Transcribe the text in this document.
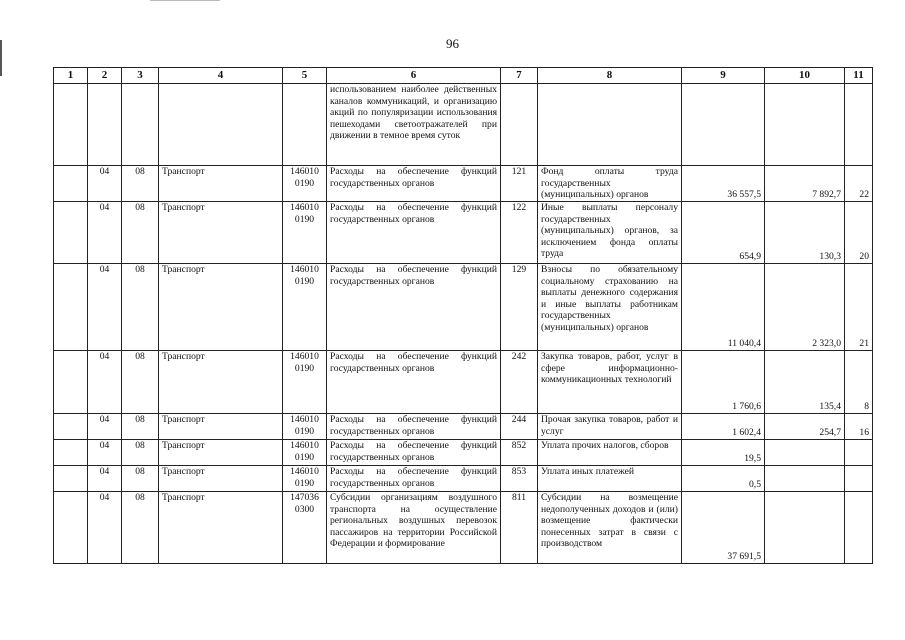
96
1	2	3	4	5	6	7	8	9	10	11
					использованием наиболее действенных каналов коммуникаций, и организацию акций по популяризации использования пешеходами светоотражателей при движении в темное время суток					
	04	08	Транспорт	146010 0190	Расходы на обеспечение функций государственных органов	121	Фонд оплаты труда государственных (муниципальных) органов	36 557,5	7 892,7	22
	04	08	Транспорт	146010 0190	Расходы на обеспечение функций государственных органов	122	Иные выплаты персоналу государственных (муниципальных) органов, за исключением фонда оплаты труда	654,9	130,3	20
	04	08	Транспорт	146010 0190	Расходы на обеспечение функций государственных органов	129	Взносы по обязательному социальному страхованию на выплаты денежного содержания и иные выплаты работникам государственных (муниципальных) органов	11 040,4	2 323,0	21
	04	08	Транспорт	146010 0190	Расходы на обеспечение функций государственных органов	242	Закупка товаров, работ, услуг в сфере информационно-коммуникационных технологий	1 760,6	135,4	8
	04	08	Транспорт	146010 0190	Расходы на обеспечение функций государственных органов	244	Прочая закупка товаров, работ и услуг	1 602,4	254,7	16
	04	08	Транспорт	146010 0190	Расходы на обеспечение функций государственных органов	852	Уплата прочих налогов, сборов	19,5		
	04	08	Транспорт	146010 0190	Расходы на обеспечение функций государственных органов	853	Уплата иных платежей	0,5		
	04	08	Транспорт	147036 0300	Субсидии организациям воздушного транспорта на осуществление региональных воздушных перевозок пассажиров на территории Российской Федерации и формирование	811	Субсидии на возмещение недополученных доходов и (или) возмещение фактически понесенных затрат в связи с производством	37 691,5		
